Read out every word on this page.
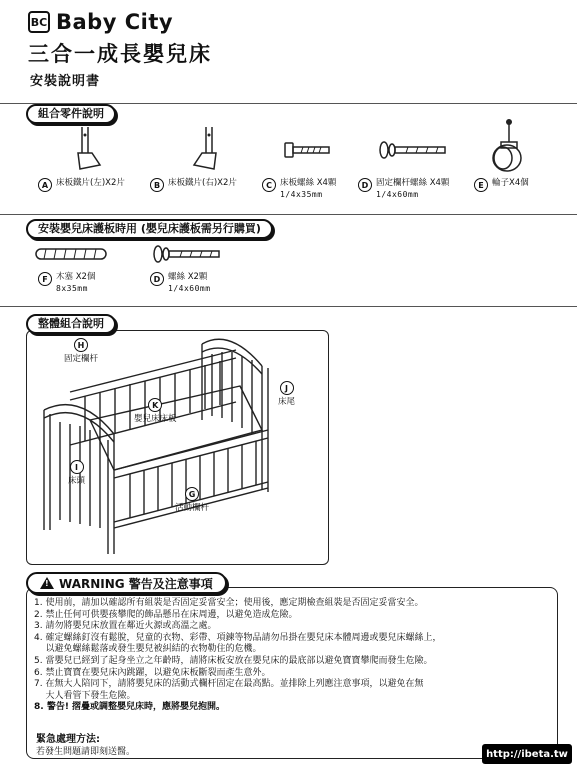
BC Baby City
三合一成長嬰兒床
安裝說明書
組合零件說明
A 床板鐵片(左)X2片	B 床板鐵片(右)X2片	C 床板螺絲 X4顆
1/4x35mm
D 固定欄杆螺絲 X4顆
1/4x60mm
E 輪子X4個
安裝嬰兒床護板時用 (嬰兒床護板需另行購買)
F 木塞 X2個
8x35mm
D 螺絲 X2顆
1/4x60mm
整體組合說明
H
固定欄杆
J
床尾
K
嬰兒床床板
I
床頭
G
活動欄杆
!
WARNING 警告及注意事項
1. 使用前，請加以確認所有組裝是否固定妥當安全；使用後，應定期檢查組裝是否固定妥當安全。
2. 禁止任何可供嬰孩攀爬的飾品懸吊在床周邊，以避免造成危險。
3. 請勿將嬰兒床放置在鄰近火源或高溫之處。
4. 確定螺絲釘沒有鬆脫，兒童的衣物、彩帶、項鍊等物品請勿吊掛在嬰兒床本體周邊或嬰兒床螺絲上，
以避免螺絲鬆落或發生嬰兒被糾結的衣物勒住的危機。
5. 當嬰兒已經到了起身坐立之年齡時，請將床板安放在嬰兒床的最底部以避免寶寶攀爬而發生危險。
6. 禁止寶寶在嬰兒床內跳躍，以避免床板斷裂而產生意外。
7. 在無大人陪同下，請將嬰兒床的活動式欄杆固定在最高點。並排除上列應注意事項，以避免在無
大人看管下發生危險。
8. 警告! 摺疊或調整嬰兒床時，應將嬰兒抱開。
緊急處理方法:
若發生問題請即刻送醫。	http://ibeta.tw
